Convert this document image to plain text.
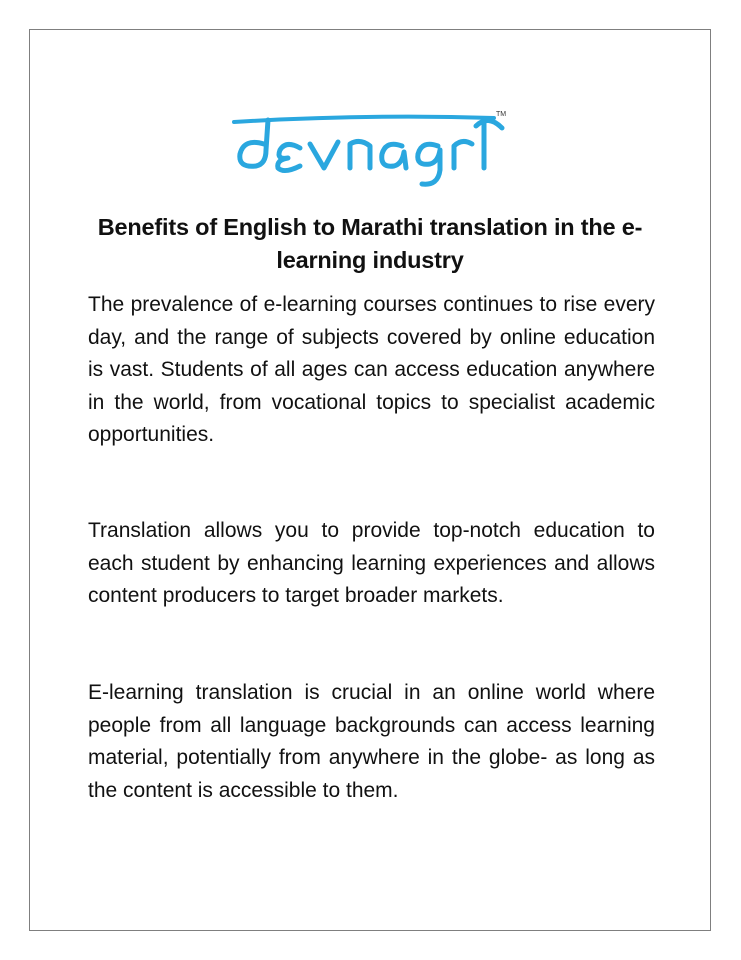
TM
Benefits of English to Marathi translation in the e-learning industry

The prevalence of e-learning courses continues to rise every day, and the range of subjects covered by online education is vast. Students of all ages can access education anywhere in the world, from vocational topics to specialist academic opportunities.

Translation allows you to provide top-notch education to each student by enhancing learning experiences and allows content producers to target broader markets.

E-learning translation is crucial in an online world where people from all language backgrounds can access learning material, potentially from anywhere in the globe- as long as the content is accessible to them.
